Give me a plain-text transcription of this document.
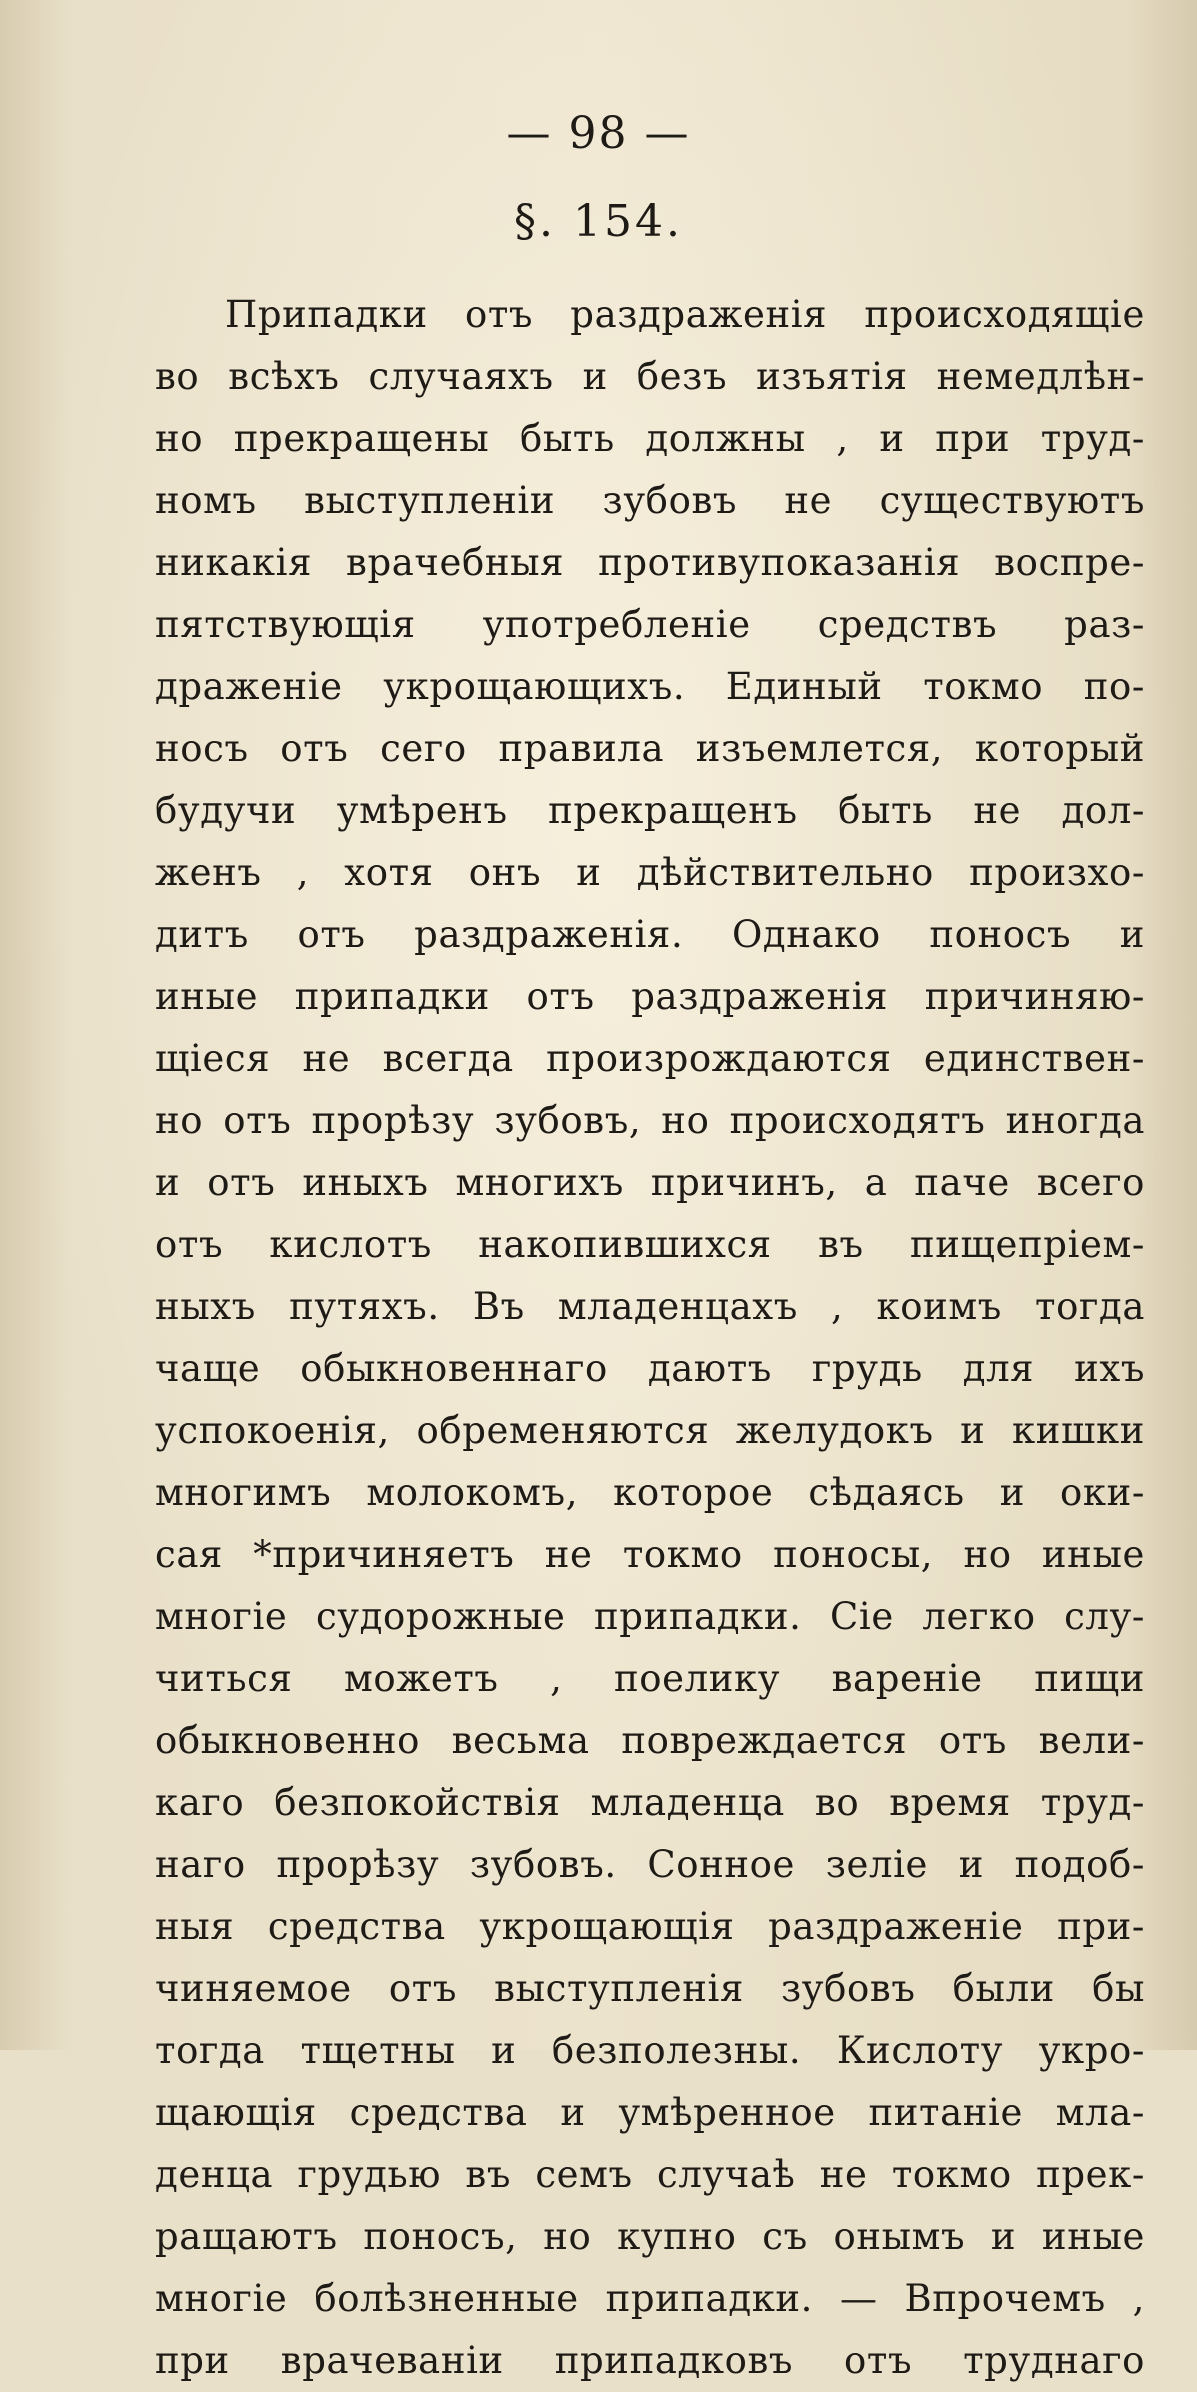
— 98 —
§. 154.
Припадки отъ раздраженія происходящіе
во всѣхъ случаяхъ и безъ изъятія немедлѣн-
но прекращены быть должны , и при труд-
номъ выступленіи зубовъ не существуютъ
никакія врачебныя противупоказанія воспре-
пятствующія употребленіе средствъ раз-
драженіе укрощающихъ. Единый токмо по-
носъ отъ сего правила изъемлется, который
будучи умѣренъ прекращенъ быть не дол-
женъ , хотя онъ и дѣйствительно произхо-
дитъ отъ раздраженія. Однако поносъ и
иные припадки отъ раздраженія причиняю-
щіеся не всегда произрождаются единствен-
но отъ прорѣзу зубовъ, но происходятъ иногда
и отъ иныхъ многихъ причинъ, а паче всего
отъ кислотъ накопившихся въ пищепріем-
ныхъ путяхъ. Въ младенцахъ , коимъ тогда
чаще обыкновеннаго даютъ грудь для ихъ
успокоенія, обременяются желудокъ и кишки
многимъ молокомъ, которое сѣдаясь и оки-
сая *причиняетъ не токмо поносы, но иные
многіе судорожные припадки. Сіе легко слу-
читься можетъ , поелику вареніе пищи
обыкновенно весьма повреждается отъ вели-
каго безпокойствія младенца во время труд-
наго прорѣзу зубовъ. Сонное зеліе и подоб-
ныя средства укрощающія раздраженіе при-
чиняемое отъ выступленія зубовъ были бы
тогда тщетны и безполезны. Кислоту укро-
щающія средства и умѣренное питаніе мла-
денца грудью въ семъ случаѣ не токмо прек-
ращаютъ поносъ, но купно съ онымъ и иные
многіе болѣзненные припадки. — Впрочемъ ,
при врачеваніи припадковъ отъ труднаго
